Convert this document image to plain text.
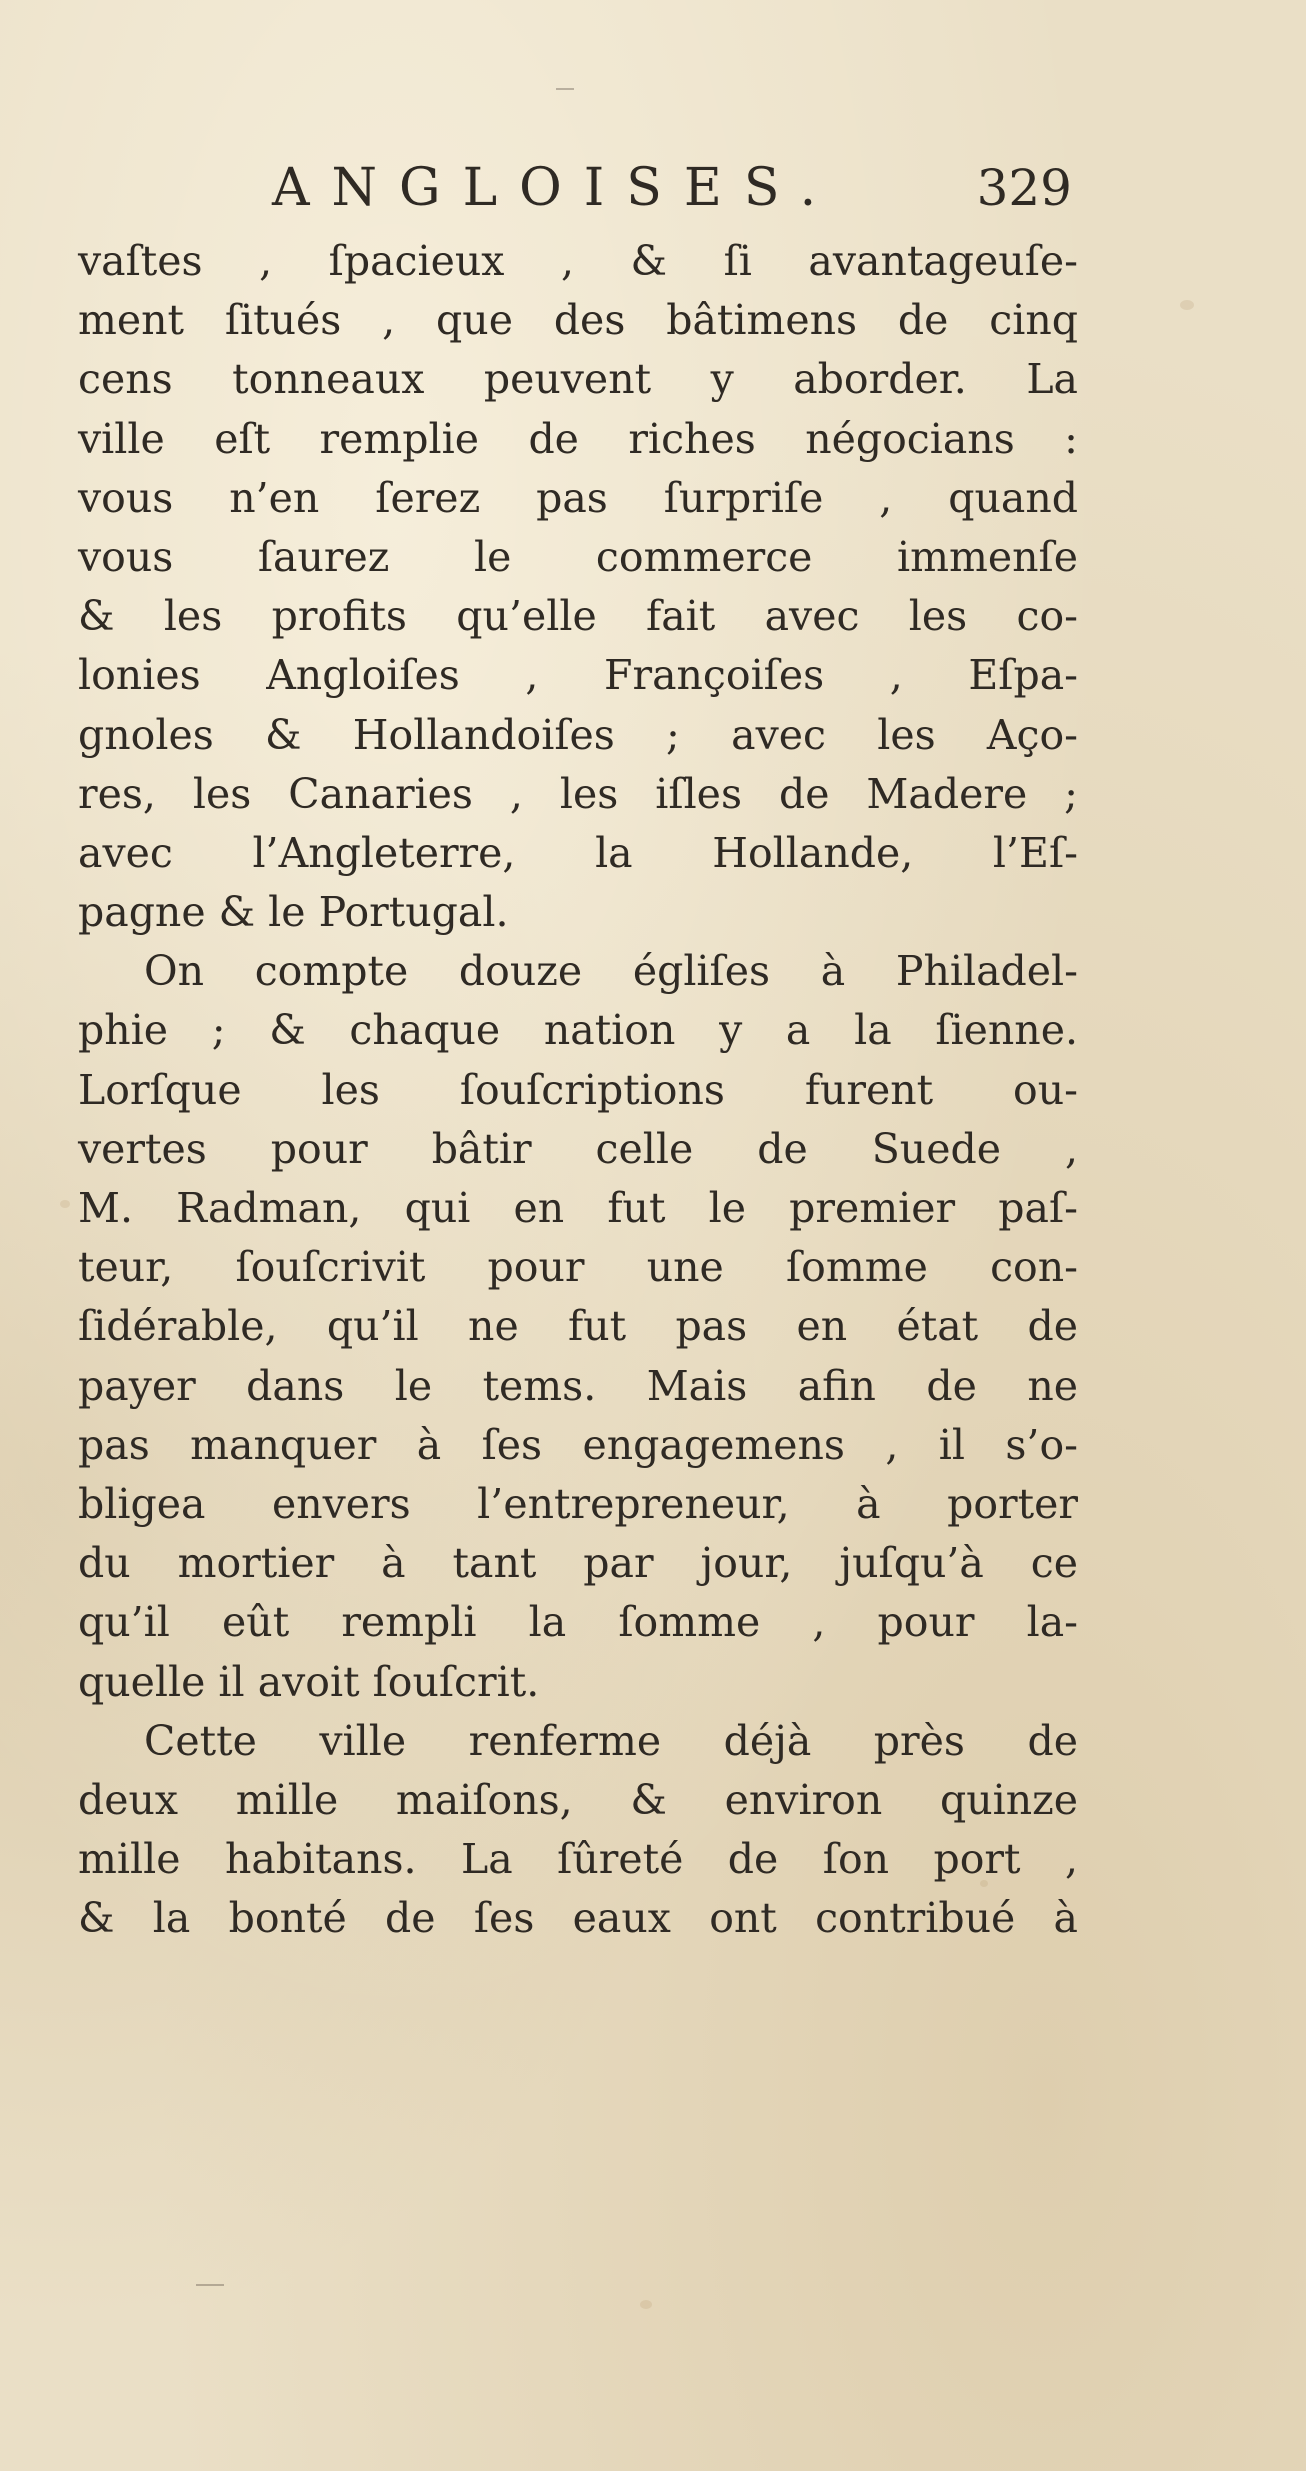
ANGLOISES.	329
vaſtes , ſpacieux , & ſi avantageuſe-
ment ſitués , que des bâtimens de cinq
cens tonneaux peuvent y aborder. La
ville eſt remplie de riches négocians :
vous n’en ſerez pas ſurpriſe , quand
vous ſaurez le commerce immenſe
& les profits qu’elle fait avec les co-
lonies Angloiſes , Françoiſes , Eſpa-
gnoles & Hollandoiſes ; avec les Aço-
res, les Canaries , les iſles de Madere ;
avec l’Angleterre, la Hollande, l’Eſ-
pagne & le Portugal.
On compte douze égliſes à Philadel-
phie ; & chaque nation y a la ſienne.
Lorſque les ſouſcriptions furent ou-
vertes pour bâtir celle de Suede ,
M. Radman, qui en fut le premier paſ-
teur, ſouſcrivit pour une ſomme con-
ſidérable, qu’il ne fut pas en état de
payer dans le tems. Mais afin de ne
pas manquer à ſes engagemens , il s’o-
bligea envers l’entrepreneur, à porter
du mortier à tant par jour, juſqu’à ce
qu’il eût rempli la ſomme , pour la-
quelle il avoit ſouſcrit.
Cette ville renferme déjà près de
deux mille maiſons, & environ quinze
mille habitans. La ſûreté de ſon port ,
& la bonté de ſes eaux ont contribué à
